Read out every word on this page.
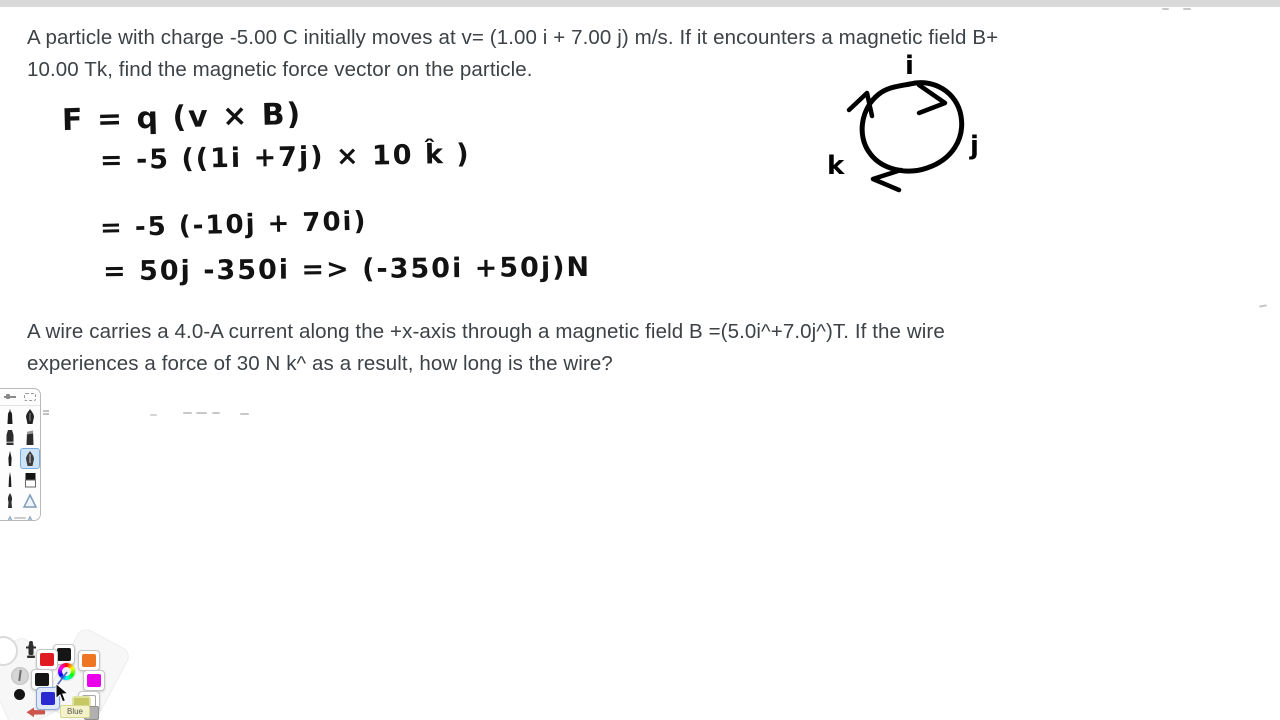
A particle with charge -5.00 C initially moves at v= (1.00 i + 7.00 j) m/s. If it encounters a magnetic field B+
10.00 Tk, find the magnetic force vector on the particle.
F = q (v × B)
= -5 ((1i +7j) × 10 k̂ )
= -5 (-10j + 70i)
= 50j -350i => (-350i +50j)N
i
j
k
A wire carries a 4.0-A current along the +x-axis through a magnetic field B =(5.0i^+7.0j^)T. If the wire
experiences a force of 30 N k^ as a result, how long is the wire?
Blue
